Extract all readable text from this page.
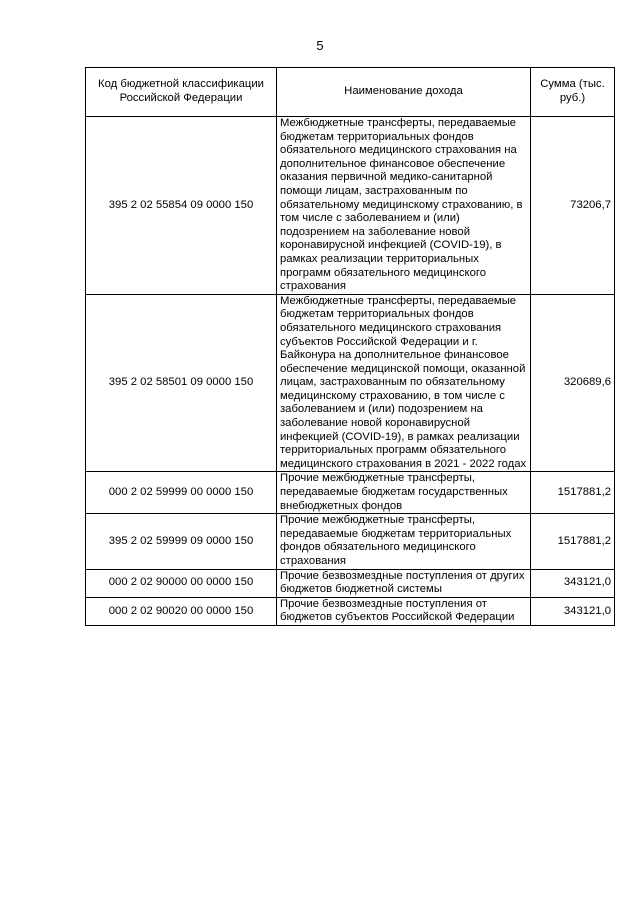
5
Код бюджетной классификации Российской Федерации	Наименование дохода	Сумма (тыс. руб.)
395 2 02 55854 09 0000 150	Межбюджетные трансферты, передаваемые бюджетам территориальных фондов обязательного медицинского страхования на дополнительное финансовое обеспечение оказания первичной медико-санитарной помощи лицам, застрахованным по обязательному медицинскому страхованию, в том числе с заболеванием и (или) подозрением на заболевание новой коронавирусной инфекцией (COVID-19), в рамках реализации территориальных программ обязательного медицинского страхования	73206,7
395 2 02 58501 09 0000 150	Межбюджетные трансферты, передаваемые бюджетам территориальных фондов обязательного медицинского страхования субъектов Российской Федерации и г. Байконура на дополнительное финансовое обеспечение медицинской помощи, оказанной лицам, застрахованным по обязательному медицинскому страхованию, в том числе с заболеванием и (или) подозрением на заболевание новой коронавирусной инфекцией (COVID-19), в рамках реализации территориальных программ обязательного медицинского страхования в 2021 - 2022 годах	320689,6
000 2 02 59999 00 0000 150	Прочие межбюджетные трансферты, передаваемые бюджетам государственных внебюджетных фондов	1517881,2
395 2 02 59999 09 0000 150	Прочие межбюджетные трансферты, передаваемые бюджетам территориальных фондов обязательного медицинского страхования	1517881,2
000 2 02 90000 00 0000 150	Прочие безвозмездные поступления от других бюджетов бюджетной системы	343121,0
000 2 02 90020 00 0000 150	Прочие безвозмездные поступления от бюджетов субъектов Российской Федерации	343121,0
